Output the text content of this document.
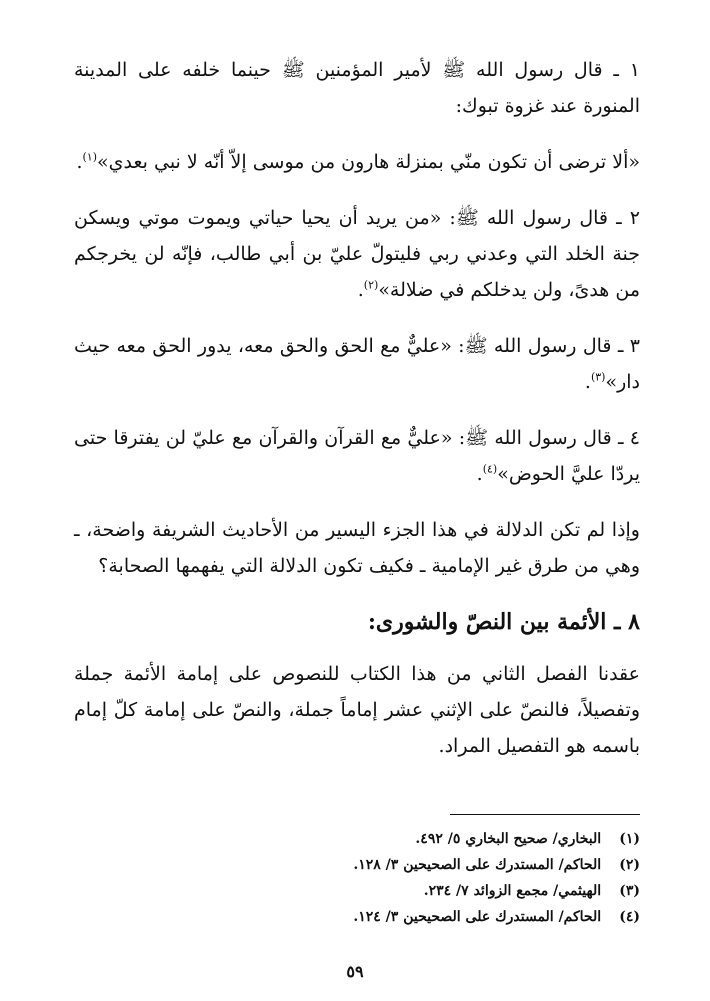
١ ـ قال رسول الله ﷺ لأمير المؤمنين ﷺ حينما خلفه على المدينة المنورة عند غزوة تبوك:

«ألا ترضى أن تكون منّي بمنزلة هارون من موسى إلاّ أنّه لا نبي بعدي»$^{(١)}$.

٢ ـ قال رسول الله ﷺ: «من يريد أن يحيا حياتي ويموت موتي ويسكن جنة الخلد التي وعدني ربي فليتولّ عليّ بن أبي طالب، فإنّه لن يخرجكم من هدىً، ولن يدخلكم في ضلالة»$^{(٢)}$.

٣ ـ قال رسول الله ﷺ: «عليٌّ مع الحق والحق معه، يدور الحق معه حيث دار»$^{(٣)}$.

٤ ـ قال رسول الله ﷺ: «عليٌّ مع القرآن والقرآن مع عليّ لن يفترقا حتى يردّا عليَّ الحوض»$^{(٤)}$.

وإذا لم تكن الدلالة في هذا الجزء اليسير من الأحاديث الشريفة واضحة، ـ وهي من طرق غير الإمامية ـ فكيف تكون الدلالة التي يفهمها الصحابة؟

٨ ـ الأئمة بين النصّ والشورى:

عقدنا الفصل الثاني من هذا الكتاب للنصوص على إمامة الأئمة جملة وتفصيلاً، فالنصّ على الإثني عشر إماماً جملة، والنصّ على إمامة كلّ إمام باسمه هو التفصيل المراد.

(١) البخاري/ صحيح البخاري ٥/ ٤٩٢.
(٢) الحاكم/ المستدرك على الصحيحين ٣/ ١٢٨.
(٣) الهيثمي/ مجمع الزوائد ٧/ ٢٣٤.
(٤) الحاكم/ المستدرك على الصحيحين ٣/ ١٢٤.
٥٩
